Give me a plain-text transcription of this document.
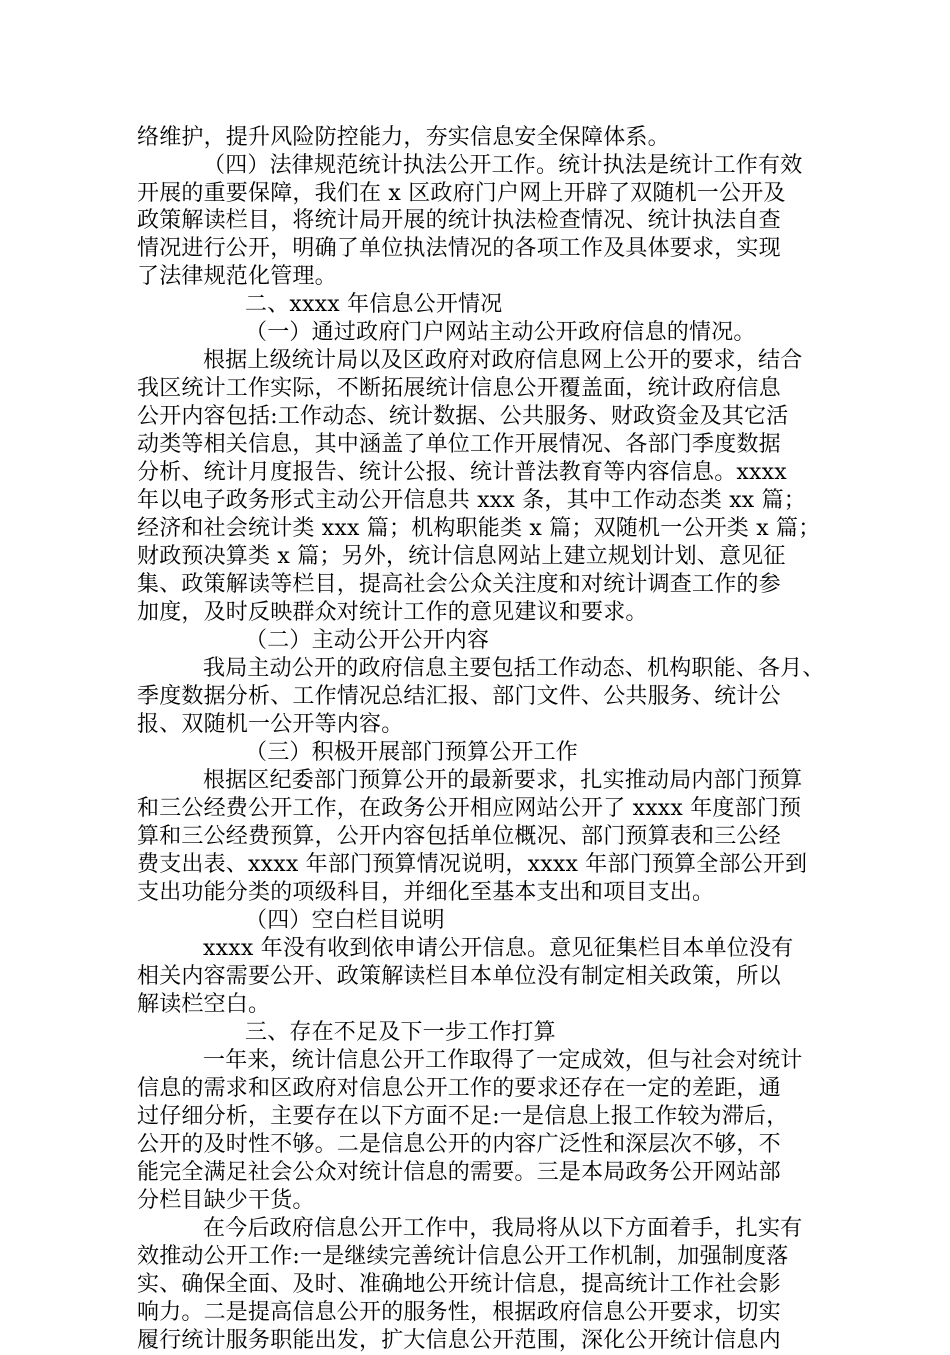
络维护，提升风险防控能力，夯实信息安全保障体系。
（四）法律规范统计执法公开工作。统计执法是统计工作有效
开展的重要保障，我们在 x 区政府门户网上开辟了双随机一公开及
政策解读栏目，将统计局开展的统计执法检查情况、统计执法自查
情况进行公开，明确了单位执法情况的各项工作及具体要求，实现
了法律规范化管理。
二、xxxx 年信息公开情况
（一）通过政府门户网站主动公开政府信息的情况。
根据上级统计局以及区政府对政府信息网上公开的要求，结合
我区统计工作实际，不断拓展统计信息公开覆盖面，统计政府信息
公开内容包括:工作动态、统计数据、公共服务、财政资金及其它活
动类等相关信息，其中涵盖了单位工作开展情况、各部门季度数据
分析、统计月度报告、统计公报、统计普法教育等内容信息。xxxx
年以电子政务形式主动公开信息共 xxx 条，其中工作动态类 xx 篇；
经济和社会统计类 xxx 篇；机构职能类 x 篇；双随机一公开类 x 篇；
财政预决算类 x 篇；另外，统计信息网站上建立规划计划、意见征
集、政策解读等栏目，提高社会公众关注度和对统计调查工作的参
加度，及时反映群众对统计工作的意见建议和要求。
（二）主动公开公开内容
我局主动公开的政府信息主要包括工作动态、机构职能、各月、
季度数据分析、工作情况总结汇报、部门文件、公共服务、统计公
报、双随机一公开等内容。
（三）积极开展部门预算公开工作
根据区纪委部门预算公开的最新要求，扎实推动局内部门预算
和三公经费公开工作，在政务公开相应网站公开了 xxxx 年度部门预
算和三公经费预算，公开内容包括单位概况、部门预算表和三公经
费支出表、xxxx 年部门预算情况说明，xxxx 年部门预算全部公开到
支出功能分类的项级科目，并细化至基本支出和项目支出。
（四）空白栏目说明
xxxx 年没有收到依申请公开信息。意见征集栏目本单位没有
相关内容需要公开、政策解读栏目本单位没有制定相关政策，所以
解读栏空白。
三、存在不足及下一步工作打算
一年来，统计信息公开工作取得了一定成效，但与社会对统计
信息的需求和区政府对信息公开工作的要求还存在一定的差距，通
过仔细分析，主要存在以下方面不足:一是信息上报工作较为滞后，
公开的及时性不够。二是信息公开的内容广泛性和深层次不够，不
能完全满足社会公众对统计信息的需要。三是本局政务公开网站部
分栏目缺少干货。
在今后政府信息公开工作中，我局将从以下方面着手，扎实有
效推动公开工作:一是继续完善统计信息公开工作机制，加强制度落
实、确保全面、及时、准确地公开统计信息，提高统计工作社会影
响力。二是提高信息公开的服务性，根据政府信息公开要求，切实
履行统计服务职能出发，扩大信息公开范围，深化公开统计信息内
